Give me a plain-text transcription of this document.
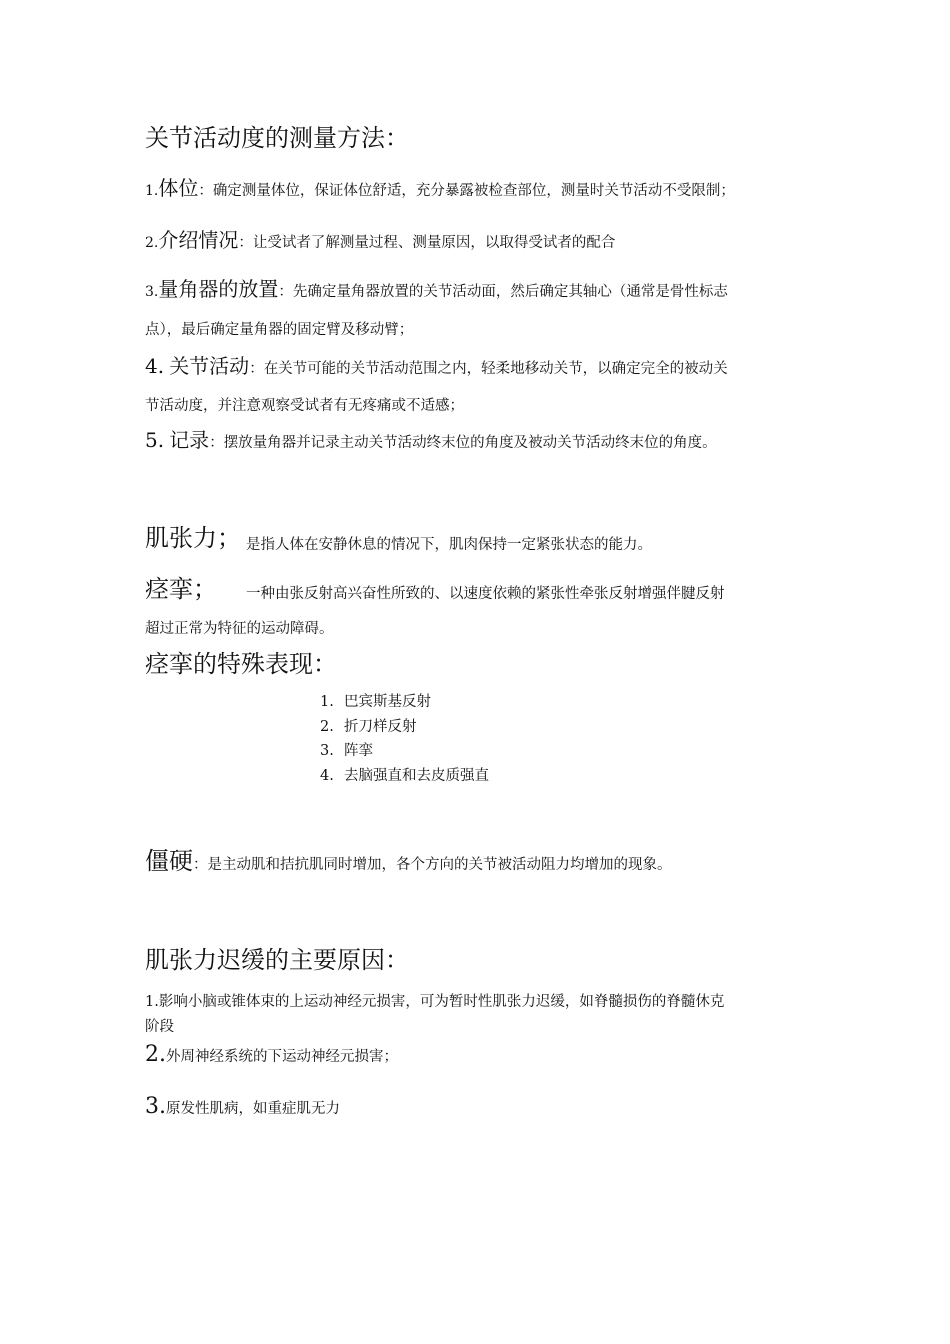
关节活动度的测量方法：
1.体位：确定测量体位，保证体位舒适，充分暴露被检查部位，测量时关节活动不受限制；
2.介绍情况：让受试者了解测量过程、测量原因，以取得受试者的配合
3.量角器的放置：先确定量角器放置的关节活动面，然后确定其轴心（通常是骨性标志
点），最后确定量角器的固定臂及移动臂；
4. 关节活动：在关节可能的关节活动范围之内，轻柔地移动关节，以确定完全的被动关
节活动度，并注意观察受试者有无疼痛或不适感；
5. 记录：摆放量角器并记录主动关节活动终末位的角度及被动关节活动终末位的角度。
肌张力； 是指人体在安静休息的情况下，肌肉保持一定紧张状态的能力。
痉挛； 一种由张反射高兴奋性所致的、以速度依赖的紧张性牵张反射增强伴腱反射
超过正常为特征的运动障碍。
痉挛的特殊表现：
1. 巴宾斯基反射
2. 折刀样反射
3. 阵挛
4. 去脑强直和去皮质强直
僵硬：是主动肌和拮抗肌同时增加，各个方向的关节被活动阻力均增加的现象。
肌张力迟缓的主要原因：
1.影响小脑或锥体束的上运动神经元损害，可为暂时性肌张力迟缓，如脊髓损伤的脊髓休克
阶段
2.外周神经系统的下运动神经元损害；
3.原发性肌病，如重症肌无力
